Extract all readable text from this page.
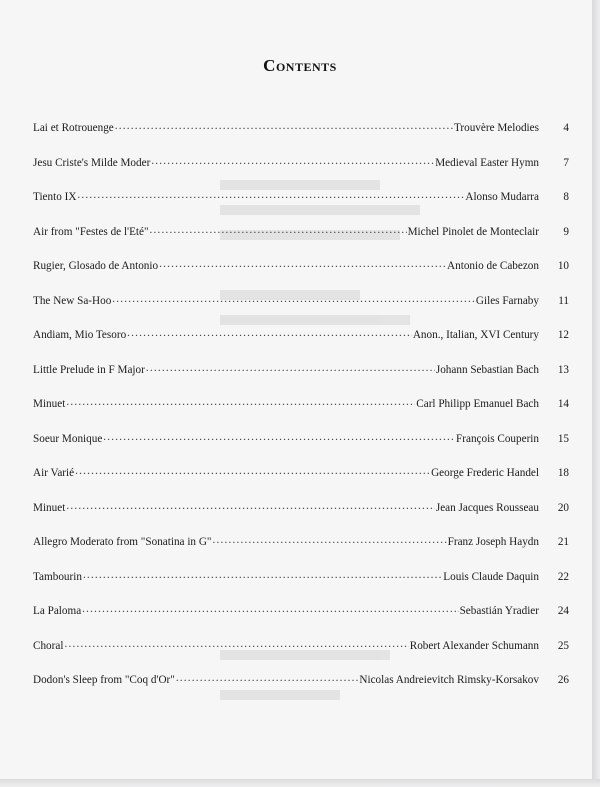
Contents
Lai et Rotrouenge .....	Trouvère Melodies	4
Jesu Criste's Milde Moder .....	Medieval Easter Hymn	7
Tiento IX .....	Alonso Mudarra	8
Air from "Festes de l'Eté" .....	Michel Pinolet de Monteclair	9
Rugier, Glosado de Antonio .....	Antonio de Cabezon	10
The New Sa-Hoo .....	Giles Farnaby	11
Andiam, Mio Tesoro .....	Anon., Italian, XVI Century	12
Little Prelude in F Major .....	Johann Sebastian Bach	13
Minuet .....	Carl Philipp Emanuel Bach	14
Soeur Monique .....	François Couperin	15
Air Varié .....	George Frederic Handel	18
Minuet .....	Jean Jacques Rousseau	20
Allegro Moderato from "Sonatina in G" .....	Franz Joseph Haydn	21
Tambourin .....	Louis Claude Daquin	22
La Paloma .....	Sebastián Yradier	24
Choral .....	Robert Alexander Schumann	25
Dodon's Sleep from "Coq d'Or" .....	Nicolas Andreievitch Rimsky-Korsakov	26
